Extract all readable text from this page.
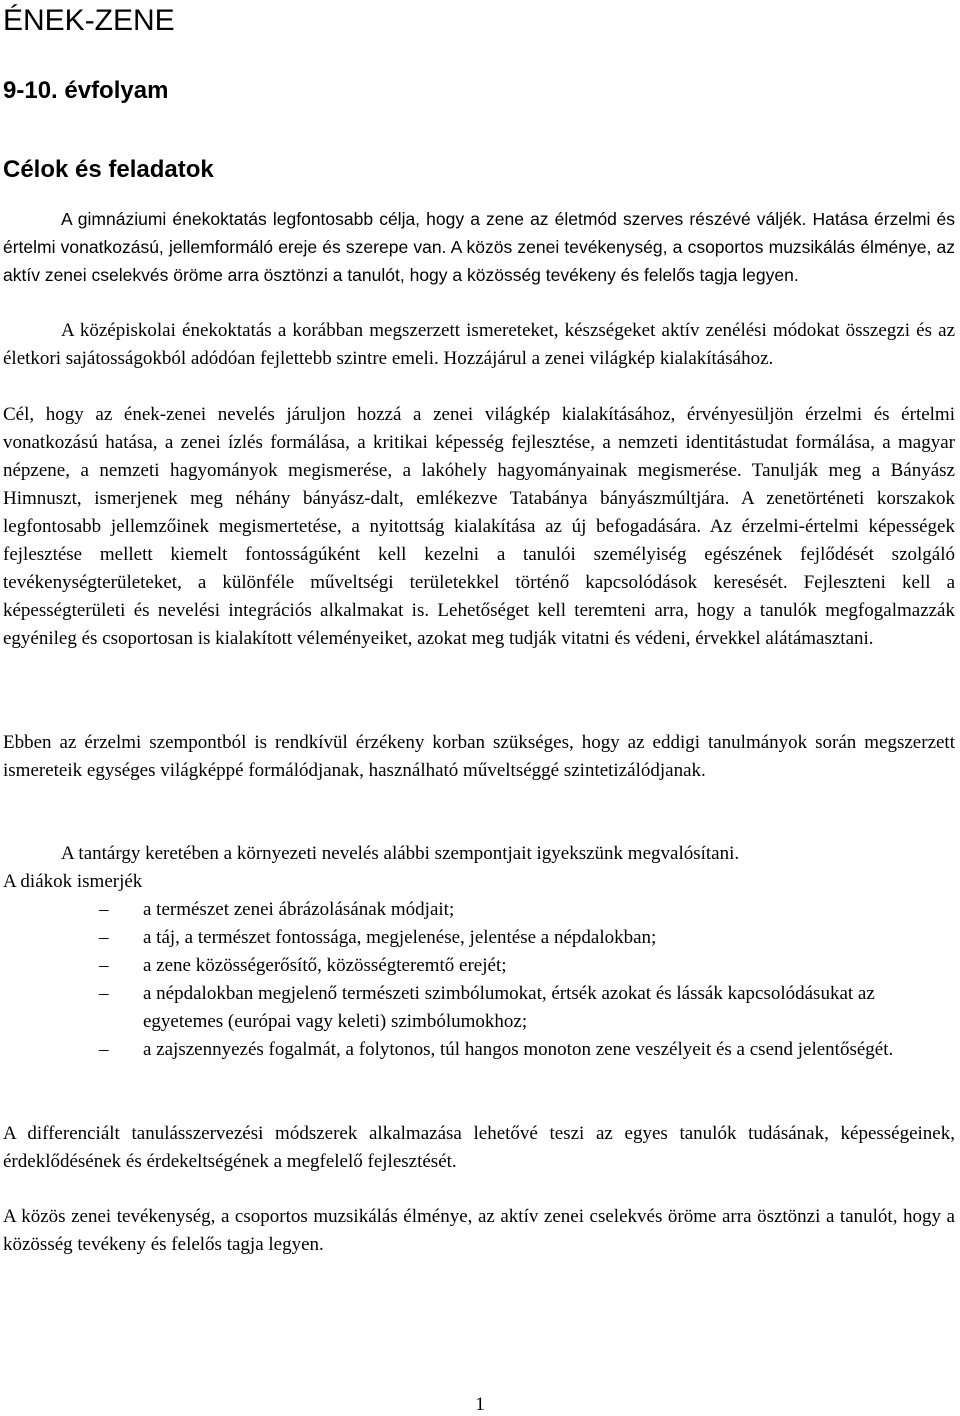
ÉNEK-ZENE
9-10. évfolyam
Célok és feladatok

A gimnáziumi énekoktatás legfontosabb célja, hogy a zene az életmód szerves részévé váljék. Hatása érzelmi és értelmi vonatkozású, jellemformáló ereje és szerepe van. A közös zenei tevékenység, a csoportos muzsikálás élménye, az aktív zenei cselekvés öröme arra ösztönzi a tanulót, hogy a közösség tevékeny és felelős tagja legyen.

A középiskolai énekoktatás a korábban megszerzett ismereteket, készségeket aktív zenélési módokat összegzi és az életkori sajátosságokból adódóan fejlettebb szintre emeli. Hozzájárul a zenei világkép kialakításához.

Cél, hogy az ének-zenei nevelés járuljon hozzá a zenei világkép kialakításához, érvényesüljön érzelmi és értelmi vonatkozású hatása, a zenei ízlés formálása, a kritikai képesség fejlesztése, a nemzeti identitástudat formálása, a magyar népzene, a nemzeti hagyományok megismerése, a lakóhely hagyományainak megismerése. Tanulják meg a Bányász Himnuszt, ismerjenek meg néhány bányász-dalt, emlékezve Tatabánya bányászmúltjára. A zenetörténeti korszakok legfontosabb jellemzőinek megismertetése, a nyitottság kialakítása az új befogadására. Az érzelmi-értelmi képességek fejlesztése mellett kiemelt fontosságúként kell kezelni a tanulói személyiség egészének fejlődését szolgáló tevékenységterületeket, a különféle műveltségi területekkel történő kapcsolódások keresését. Fejleszteni kell a képességterületi és nevelési integrációs alkalmakat is. Lehetőséget kell teremteni arra, hogy a tanulók megfogalmazzák egyénileg és csoportosan is kialakított véleményeiket, azokat meg tudják vitatni és védeni, érvekkel alátámasztani.

Ebben az érzelmi szempontból is rendkívül érzékeny korban szükséges, hogy az eddigi tanulmányok során megszerzett ismereteik egységes világképpé formálódjanak, használható műveltséggé szintetizálódjanak.

A tantárgy keretében a környezeti nevelés alábbi szempontjait igyekszünk megvalósítani.

A diákok ismerjék

–	a természet zenei ábrázolásának módjait;
–	a táj, a természet fontossága, megjelenése, jelentése a népdalokban;
–	a zene közösségerősítő, közösségteremtő erejét;
–	a népdalokban megjelenő természeti szimbólumokat, értsék azokat és lássák kapcsolódásukat az egyetemes (európai vagy keleti) szimbólumokhoz;
–	a zajszennyezés fogalmát, a folytonos, túl hangos monoton zene veszélyeit és a csend jelentőségét.

A differenciált tanulásszervezési módszerek alkalmazása lehetővé teszi az egyes tanulók tudásának, képességeinek, érdeklődésének és érdekeltségének a megfelelő fejlesztését.

A közös zenei tevékenység, a csoportos muzsikálás élménye, az aktív zenei cselekvés öröme arra ösztönzi a tanulót, hogy a közösség tevékeny és felelős tagja legyen.

1
